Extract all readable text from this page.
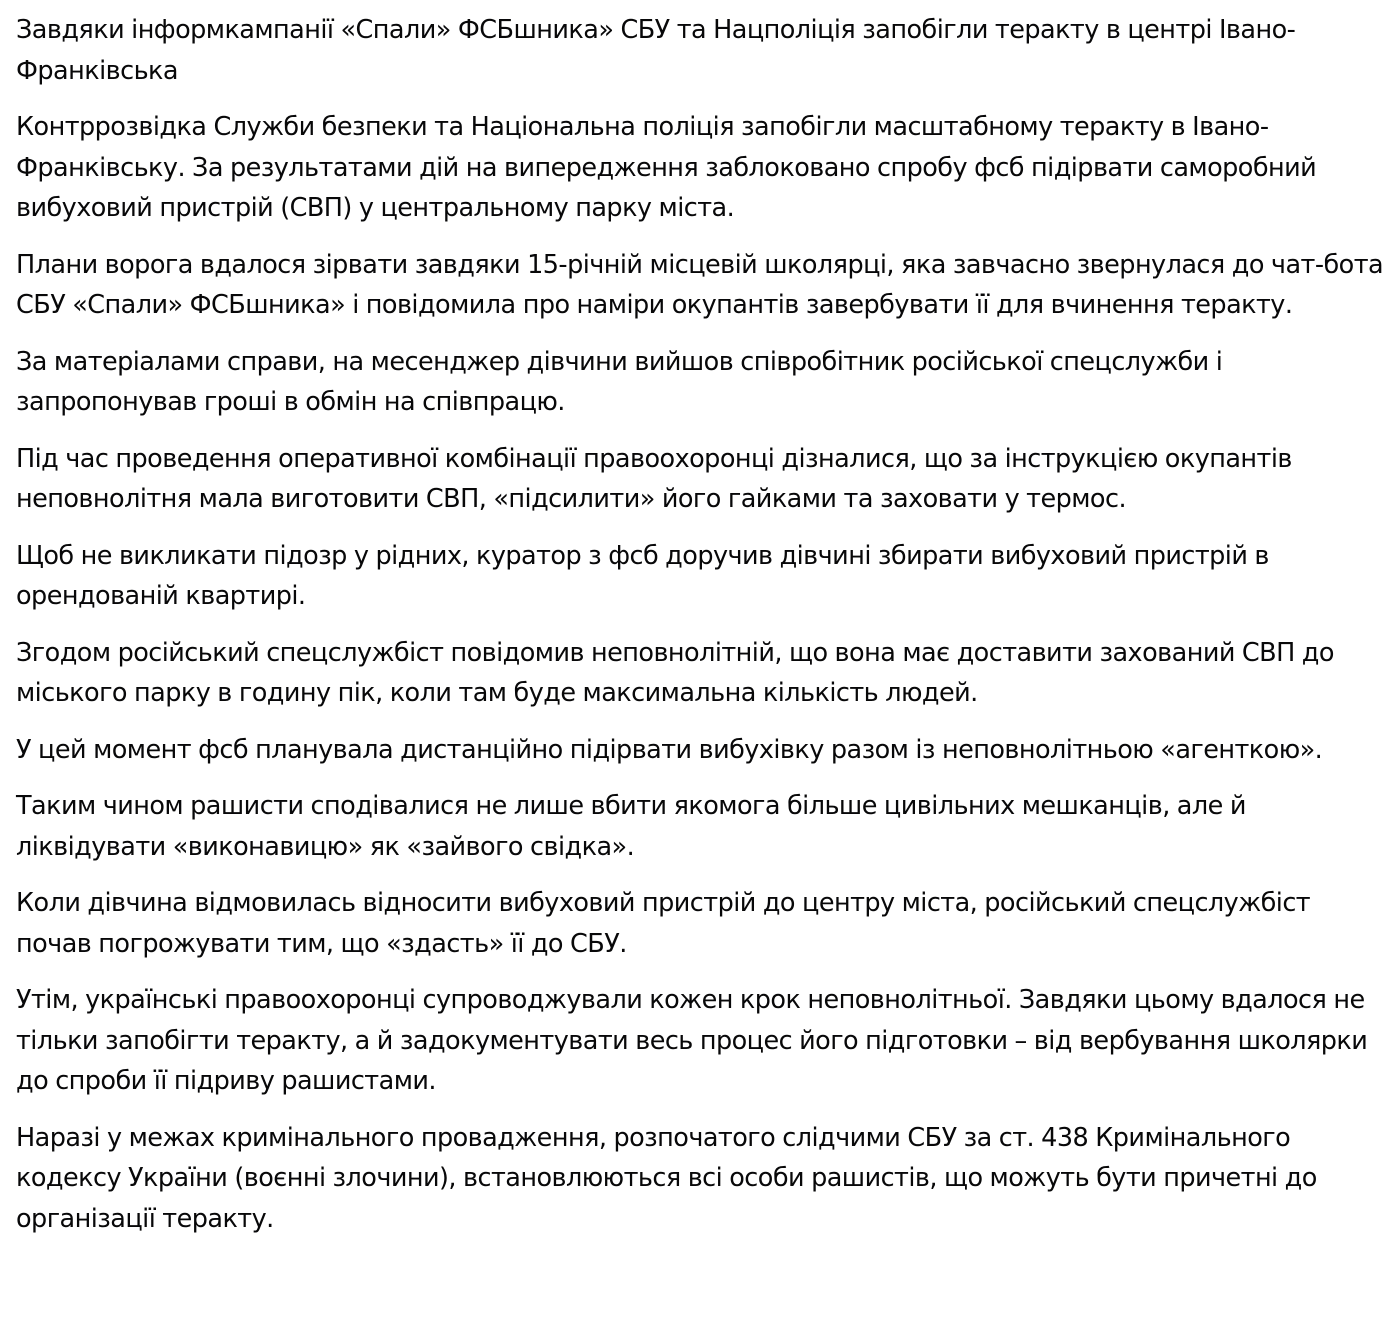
Завдяки інформкампанії «Спали» ФСБшника» СБУ та Нацполіція запобігли теракту в центрі Івано-Франківська

Контррозвідка Служби безпеки та Національна поліція запобігли масштабному теракту в Івано-Франківську. За результатами дій на випередження заблоковано спробу фсб підірвати саморобний вибуховий пристрій (СВП) у центральному парку міста.

Плани ворога вдалося зірвати завдяки 15-річній місцевій школярці, яка завчасно звернулася до чат-бота СБУ «Спали» ФСБшника» і повідомила про наміри окупантів завербувати її для вчинення теракту.

За матеріалами справи, на месенджер дівчини вийшов співробітник російської спецслужби і запропонував гроші в обмін на співпрацю.

Під час проведення оперативної комбінації правоохоронці дізналися, що за інструкцією окупантів неповнолітня мала виготовити СВП, «підсилити» його гайками та заховати у термос.

Щоб не викликати підозр у рідних, куратор з фсб доручив дівчині збирати вибуховий пристрій в орендованій квартирі.

Згодом російський спецслужбіст повідомив неповнолітній, що вона має доставити захований СВП до міського парку в годину пік, коли там буде максимальна кількість людей.

У цей момент фсб планувала дистанційно підірвати вибухівку разом із неповнолітньою «агенткою».

Таким чином рашисти сподівалися не лише вбити якомога більше цивільних мешканців, але й ліквідувати «виконавицю» як «зайвого свідка».

Коли дівчина відмовилась відносити вибуховий пристрій до центру міста, російський спецслужбіст почав погрожувати тим, що «здасть» її до СБУ.

Утім, українські правоохоронці супроводжували кожен крок неповнолітньої. Завдяки цьому вдалося не тільки запобігти теракту, а й задокументувати весь процес його підготовки – від вербування школярки до спроби її підриву рашистами.

Наразі у межах кримінального провадження, розпочатого слідчими СБУ за ст. 438 Кримінального кодексу України (воєнні злочини), встановлюються всі особи рашистів, що можуть бути причетні до організації теракту.
